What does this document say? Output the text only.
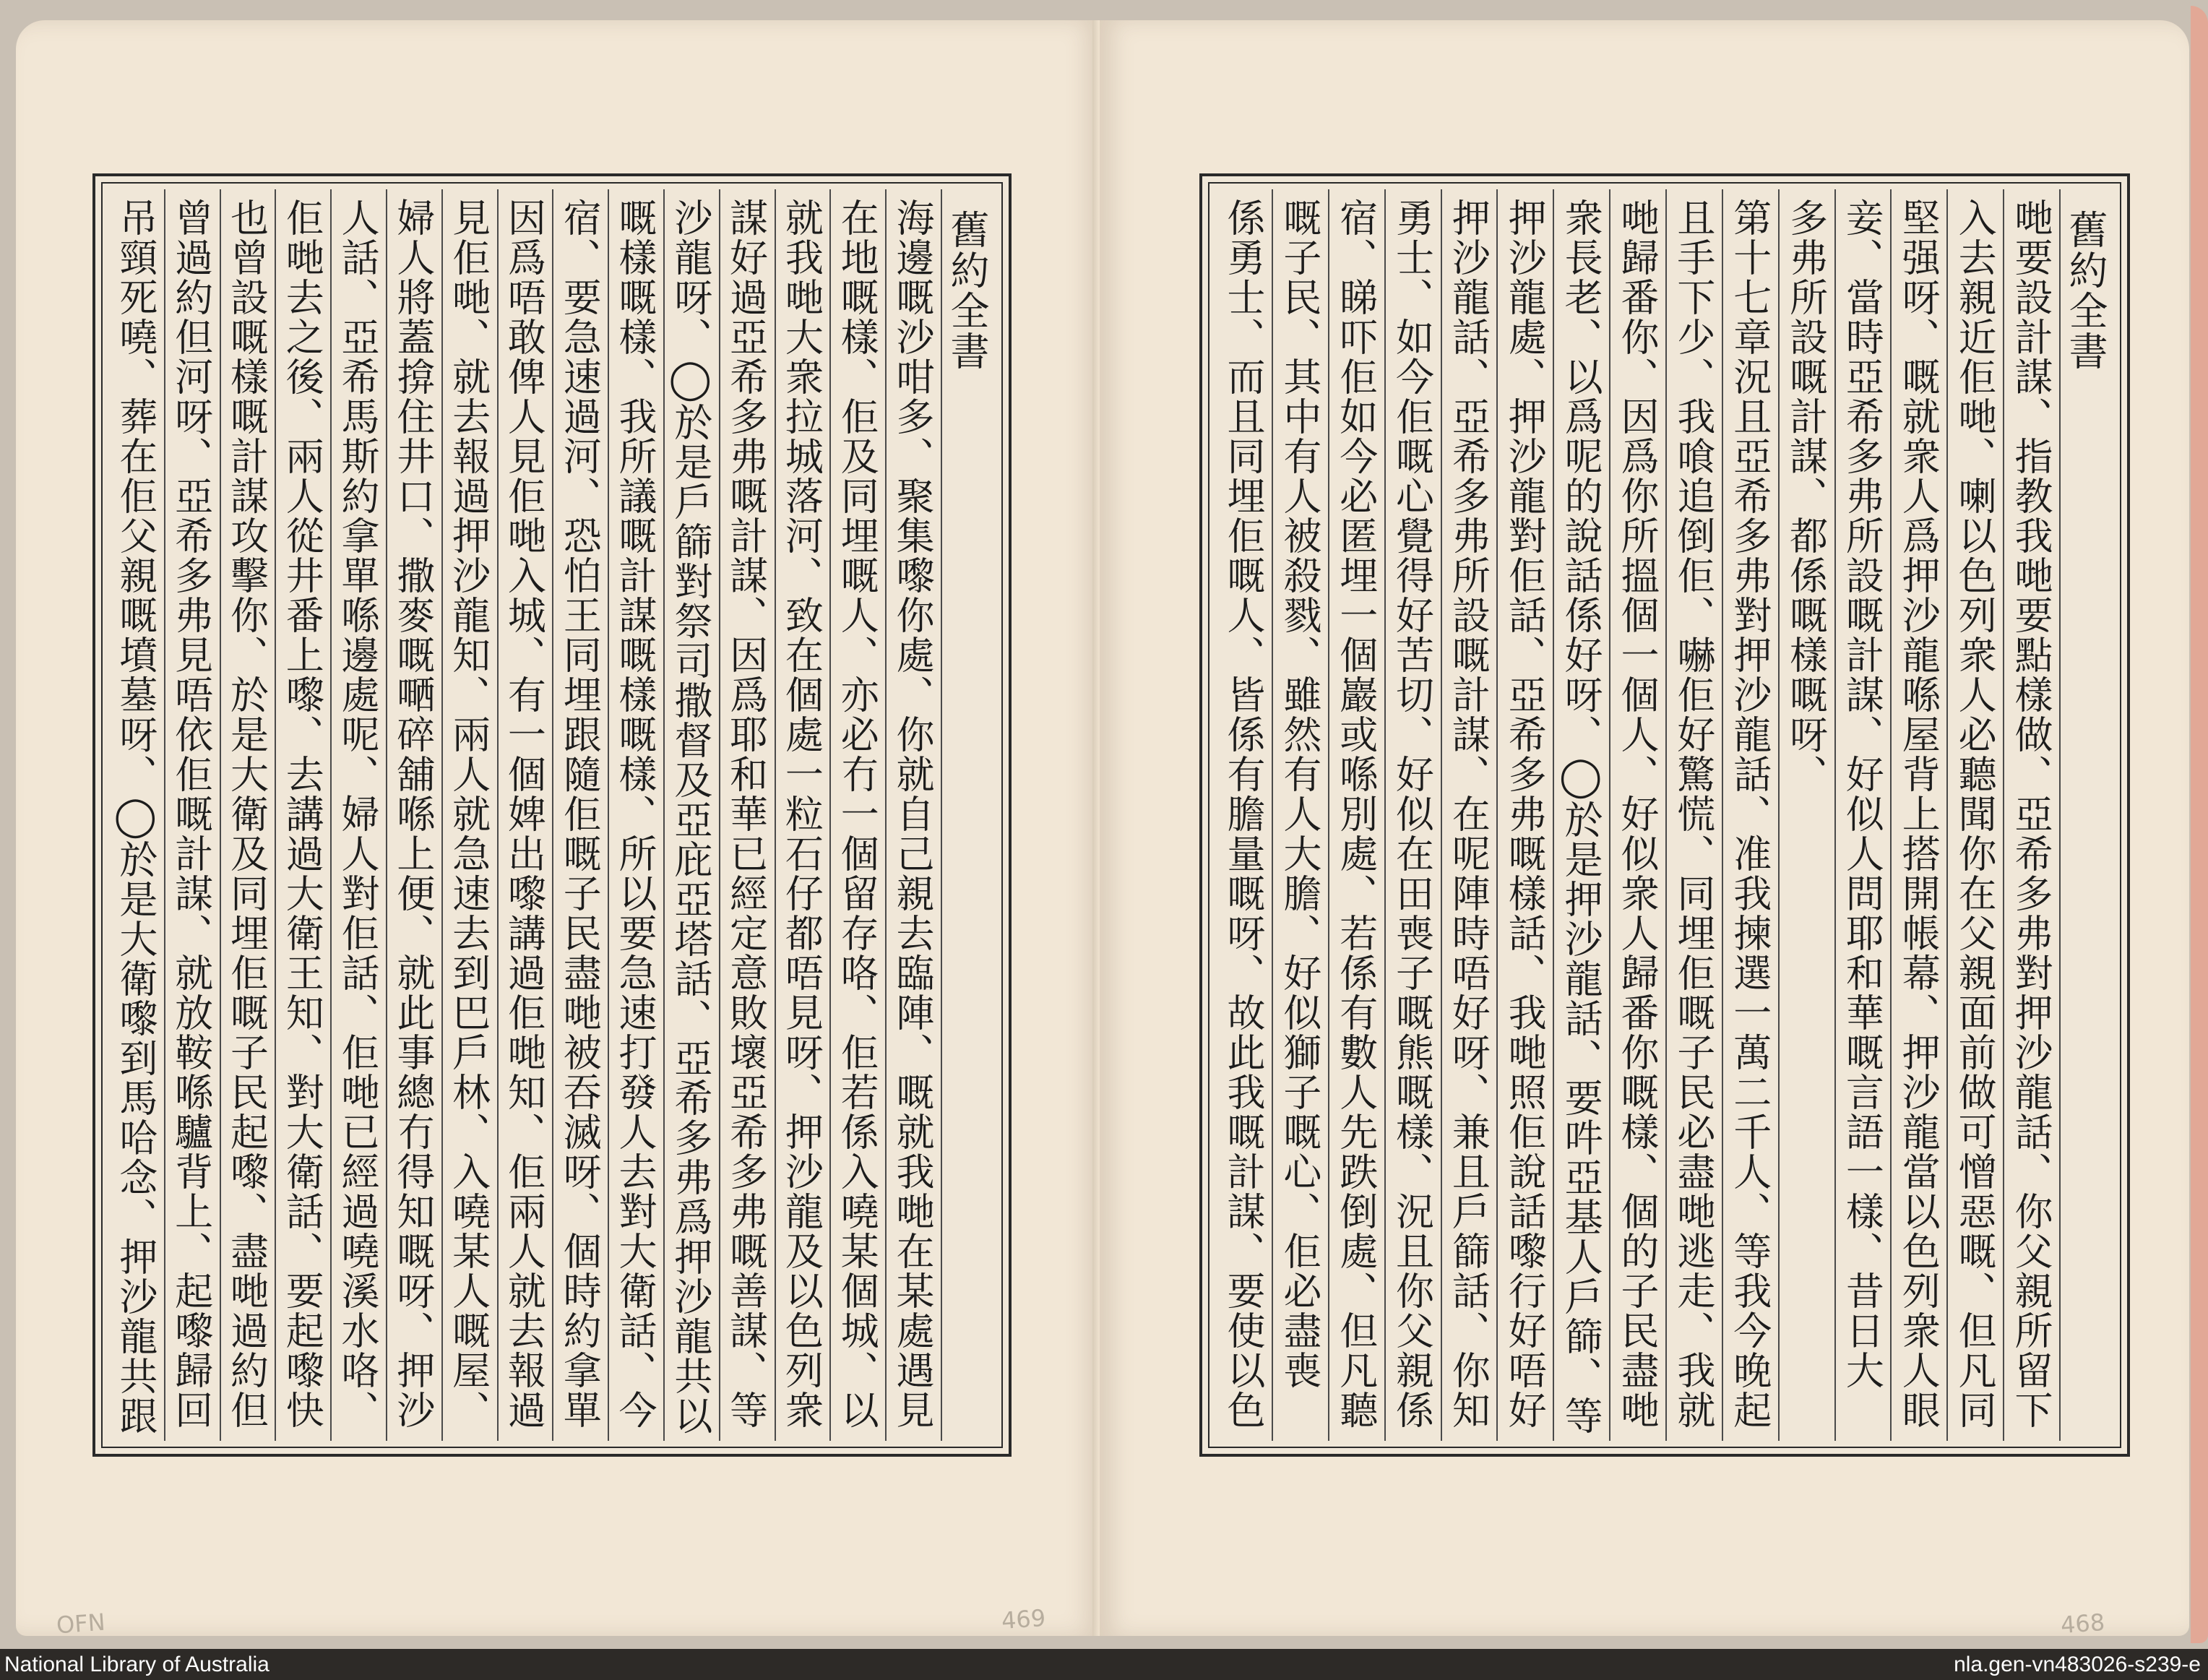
舊約全書
海邊嘅沙咁多、聚集嚟你處、你就自己親去臨陣、嘅就我哋在某處遇見
在地嘅樣、佢及同埋嘅人、亦必冇一個留存咯、佢若係入嘵某個城、以
就我哋大衆拉城落河、致在個處一粒石仔都唔見呀、押沙龍及以色列衆
謀好過亞希多弗嘅計謀、因爲耶和華已經定意敗壞亞希多弗嘅善謀、等
沙龍呀、◯於是戶篩對祭司撒督及亞庇亞塔話、亞希多弗爲押沙龍共以
嘅樣嘅樣、我所議嘅計謀嘅樣嘅樣、所以要急速打發人去對大衛話、今
宿、要急速過河、恐怕王同埋跟隨佢嘅子民盡哋被吞滅呀、個時約拿單
因爲唔敢俾人見佢哋入城、有一個婢出嚟講過佢哋知、佢兩人就去報過
見佢哋、就去報過押沙龍知、兩人就急速去到巴戶林、入嘵某人嘅屋、
婦人將蓋揜住井口、撒麥嘅嗮碎舖喺上便、就此事總冇得知嘅呀、押沙
人話、亞希馬斯約拿單喺邊處呢、婦人對佢話、佢哋已經過嘵溪水咯、
佢哋去之後、兩人從井番上嚟、去講過大衛王知、對大衛話、要起嚟快
也曾設嘅樣嘅計謀攻擊你、於是大衛及同埋佢嘅子民起嚟、盡哋過約但
曾過約但河呀、亞希多弗見唔依佢嘅計謀、就放鞍喺驢背上、起嚟歸回
吊頸死嘵、葬在佢父親嘅墳墓呀、◯於是大衛嚟到馬哈念、押沙龍共跟
OFN	469
舊約全書
哋要設計謀、指教我哋要點樣做、亞希多弗對押沙龍話、你父親所留下
入去親近佢哋、喇以色列衆人必聽聞你在父親面前做可憎惡嘅、但凡同
堅强呀、嘅就衆人爲押沙龍喺屋背上搭開帳幕、押沙龍當以色列衆人眼
妾、當時亞希多弗所設嘅計謀、好似人問耶和華嘅言語一樣、昔日大
多弗所設嘅計謀、都係嘅樣嘅呀、
第十七章況且亞希多弗對押沙龍話、准我揀選一萬二千人、等我今晚起
且手下少、我喰追倒佢、嚇佢好驚慌、同埋佢嘅子民必盡哋逃走、我就
哋歸番你、因爲你所搵個一個人、好似衆人歸番你嘅樣、個的子民盡哋
衆長老、以爲呢的說話係好呀、◯於是押沙龍話、要吽亞基人戶篩、等
押沙龍處、押沙龍對佢話、亞希多弗嘅樣話、我哋照佢說話嚟行好唔好
押沙龍話、亞希多弗所設嘅計謀、在呢陣時唔好呀、兼且戶篩話、你知
勇士、如今佢嘅心覺得好苦切、好似在田喪子嘅熊嘅樣、況且你父親係
宿、睇吓佢如今必匿埋一個巖或喺別處、若係有數人先跌倒處、但凡聽
嘅子民、其中有人被殺戮、雖然有人大膽、好似獅子嘅心、佢必盡喪
係勇士、而且同埋佢嘅人、皆係有膽量嘅呀、故此我嘅計謀、要使以色
468
National Library of Australia	nla.gen-vn483026-s239-e
